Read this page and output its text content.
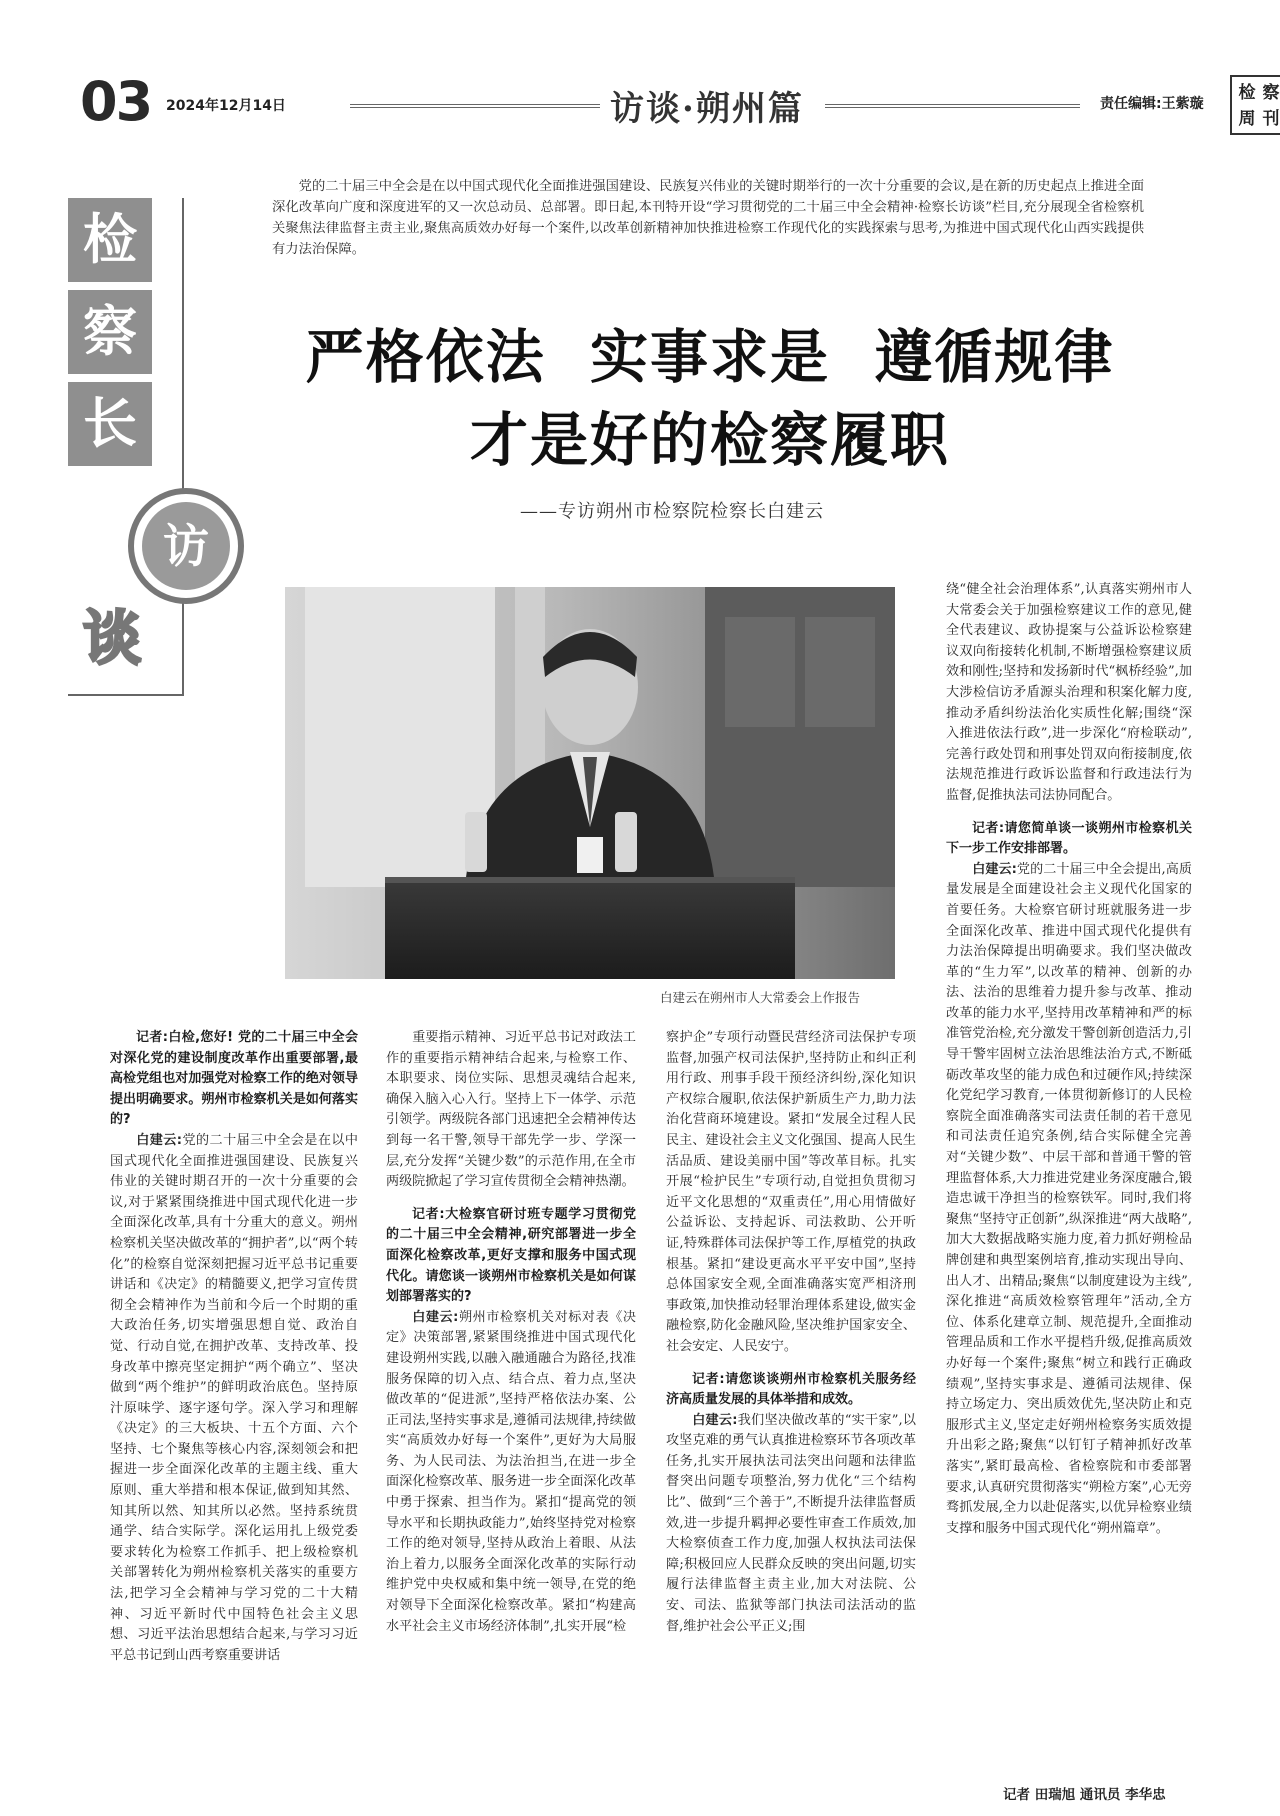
03 2024年12月14日	访谈·朔州篇	责任编辑:王紫璇
检 察
周 刊
检
察
长
访
谈
党的二十届三中全会是在以中国式现代化全面推进强国建设、民族复兴伟业的关键时期举行的一次十分重要的会议,是在新的历史起点上推进全面深化改革向广度和深度进军的又一次总动员、总部署。即日起,本刊特开设“学习贯彻党的二十届三中全会精神·检察长访谈”栏目,充分展现全省检察机关聚焦法律监督主责主业,聚焦高质效办好每一个案件,以改革创新精神加快推进检察工作现代化的实践探索与思考,为推进中国式现代化山西实践提供有力法治保障。
严格依法  实事求是  遵循规律
才是好的检察履职
——专访朔州市检察院检察长白建云
白建云在朔州市人大常委会上作报告

记者:白检,您好! 党的二十届三中全会对深化党的建设制度改革作出重要部署,最高检党组也对加强党对检察工作的绝对领导提出明确要求。朔州市检察机关是如何落实的?

白建云:党的二十届三中全会是在以中国式现代化全面推进强国建设、民族复兴伟业的关键时期召开的一次十分重要的会议,对于紧紧围绕推进中国式现代化进一步全面深化改革,具有十分重大的意义。朔州检察机关坚决做改革的“拥护者”,以“两个转化”的检察自觉深刻把握习近平总书记重要讲话和《决定》的精髓要义,把学习宣传贯彻全会精神作为当前和今后一个时期的重大政治任务,切实增强思想自觉、政治自觉、行动自觉,在拥护改革、支持改革、投身改革中擦亮坚定拥护“两个确立”、坚决做到“两个维护”的鲜明政治底色。坚持原汁原味学、逐字逐句学。深入学习和理解《决定》的三大板块、十五个方面、六个坚持、七个聚焦等核心内容,深刻领会和把握进一步全面深化改革的主题主线、重大原则、重大举措和根本保证,做到知其然、知其所以然、知其所以必然。坚持系统贯通学、结合实际学。深化运用扎上级党委要求转化为检察工作抓手、把上级检察机关部署转化为朔州检察机关落实的重要方法,把学习全会精神与学习党的二十大精神、习近平新时代中国特色社会主义思想、习近平法治思想结合起来,与学习习近平总书记到山西考察重要讲话

重要指示精神、习近平总书记对政法工作的重要指示精神结合起来,与检察工作、本职要求、岗位实际、思想灵魂结合起来,确保入脑入心入行。坚持上下一体学、示范引领学。两级院各部门迅速把全会精神传达到每一名干警,领导干部先学一步、学深一层,充分发挥“关键少数”的示范作用,在全市两级院掀起了学习宣传贯彻全会精神热潮。

记者:大检察官研讨班专题学习贯彻党的二十届三中全会精神,研究部署进一步全面深化检察改革,更好支撑和服务中国式现代化。请您谈一谈朔州市检察机关是如何谋划部署落实的?

白建云:朔州市检察机关对标对表《决定》决策部署,紧紧围绕推进中国式现代化建设朔州实践,以融入融通融合为路径,找准服务保障的切入点、结合点、着力点,坚决做改革的“促进派”,坚持严格依法办案、公正司法,坚持实事求是,遵循司法规律,持续做实“高质效办好每一个案件”,更好为大局服务、为人民司法、为法治担当,在进一步全面深化检察改革、服务进一步全面深化改革中勇于探索、担当作为。紧扣“提高党的领导水平和长期执政能力”,始终坚持党对检察工作的绝对领导,坚持从政治上着眼、从法治上着力,以服务全面深化改革的实际行动维护党中央权威和集中统一领导,在党的绝对领导下全面深化检察改革。紧扣“构建高水平社会主义市场经济体制”,扎实开展“检

察护企”专项行动暨民营经济司法保护专项监督,加强产权司法保护,坚持防止和纠正利用行政、刑事手段干预经济纠纷,深化知识产权综合履职,依法保护新质生产力,助力法治化营商环境建设。紧扣“发展全过程人民民主、建设社会主义文化强国、提高人民生活品质、建设美丽中国”等改革目标。扎实开展“检护民生”专项行动,自觉担负贯彻习近平文化思想的“双重责任”,用心用情做好公益诉讼、支持起诉、司法救助、公开听证,特殊群体司法保护等工作,厚植党的执政根基。紧扣“建设更高水平平安中国”,坚持总体国家安全观,全面准确落实宽严相济刑事政策,加快推动轻罪治理体系建设,做实金融检察,防化金融风险,坚决维护国家安全、社会安定、人民安宁。

记者:请您谈谈朔州市检察机关服务经济高质量发展的具体举措和成效。

白建云:我们坚决做改革的“实干家”,以攻坚克难的勇气认真推进检察环节各项改革任务,扎实开展执法司法突出问题和法律监督突出问题专项整治,努力优化“三个结构比”、做到“三个善于”,不断提升法律监督质效,进一步提升羁押必要性审查工作质效,加大检察侦查工作力度,加强人权执法司法保障;积极回应人民群众反映的突出问题,切实履行法律监督主责主业,加大对法院、公安、司法、监狱等部门执法司法活动的监督,维护社会公平正义;围

绕“健全社会治理体系”,认真落实朔州市人大常委会关于加强检察建议工作的意见,健全代表建议、政协提案与公益诉讼检察建议双向衔接转化机制,不断增强检察建议质效和刚性;坚持和发扬新时代“枫桥经验”,加大涉检信访矛盾源头治理和积案化解力度,推动矛盾纠纷法治化实质性化解;围绕“深入推进依法行政”,进一步深化“府检联动”,完善行政处罚和刑事处罚双向衔接制度,依法规范推进行政诉讼监督和行政违法行为监督,促推执法司法协同配合。

记者:请您简单谈一谈朔州市检察机关下一步工作安排部署。

白建云:党的二十届三中全会提出,高质量发展是全面建设社会主义现代化国家的首要任务。大检察官研讨班就服务进一步全面深化改革、推进中国式现代化提供有力法治保障提出明确要求。我们坚决做改革的“生力军”,以改革的精神、创新的办法、法治的思维着力提升参与改革、推动改革的能力水平,坚持用改革精神和严的标准管党治检,充分激发干警创新创造活力,引导干警牢固树立法治思维法治方式,不断砥砺改革攻坚的能力成色和过硬作风;持续深化党纪学习教育,一体贯彻新修订的人民检察院全面准确落实司法责任制的若干意见和司法责任追究条例,结合实际健全完善对“关键少数”、中层干部和普通干警的管理监督体系,大力推进党建业务深度融合,锻造忠诚干净担当的检察铁军。同时,我们将聚焦“坚持守正创新”,纵深推进“两大战略”,加大大数据战略实施力度,着力抓好朔检品牌创建和典型案例培育,推动实现出导向、出人才、出精品;聚焦“以制度建设为主线”,深化推进“高质效检察管理年”活动,全方位、体系化建章立制、规范提升,全面推动管理品质和工作水平提档升级,促推高质效办好每一个案件;聚焦“树立和践行正确政绩观”,坚持实事求是、遵循司法规律、保持立场定力、突出质效优先,坚决防止和克服形式主义,坚定走好朔州检察务实质效提升出彩之路;聚焦“以钉钉子精神抓好改革落实”,紧盯最高检、省检察院和市委部署要求,认真研究贯彻落实“朔检方案”,心无旁骛抓发展,全力以赴促落实,以优异检察业绩支撑和服务中国式现代化“朔州篇章”。

记者 田瑞旭 通讯员 李华忠
